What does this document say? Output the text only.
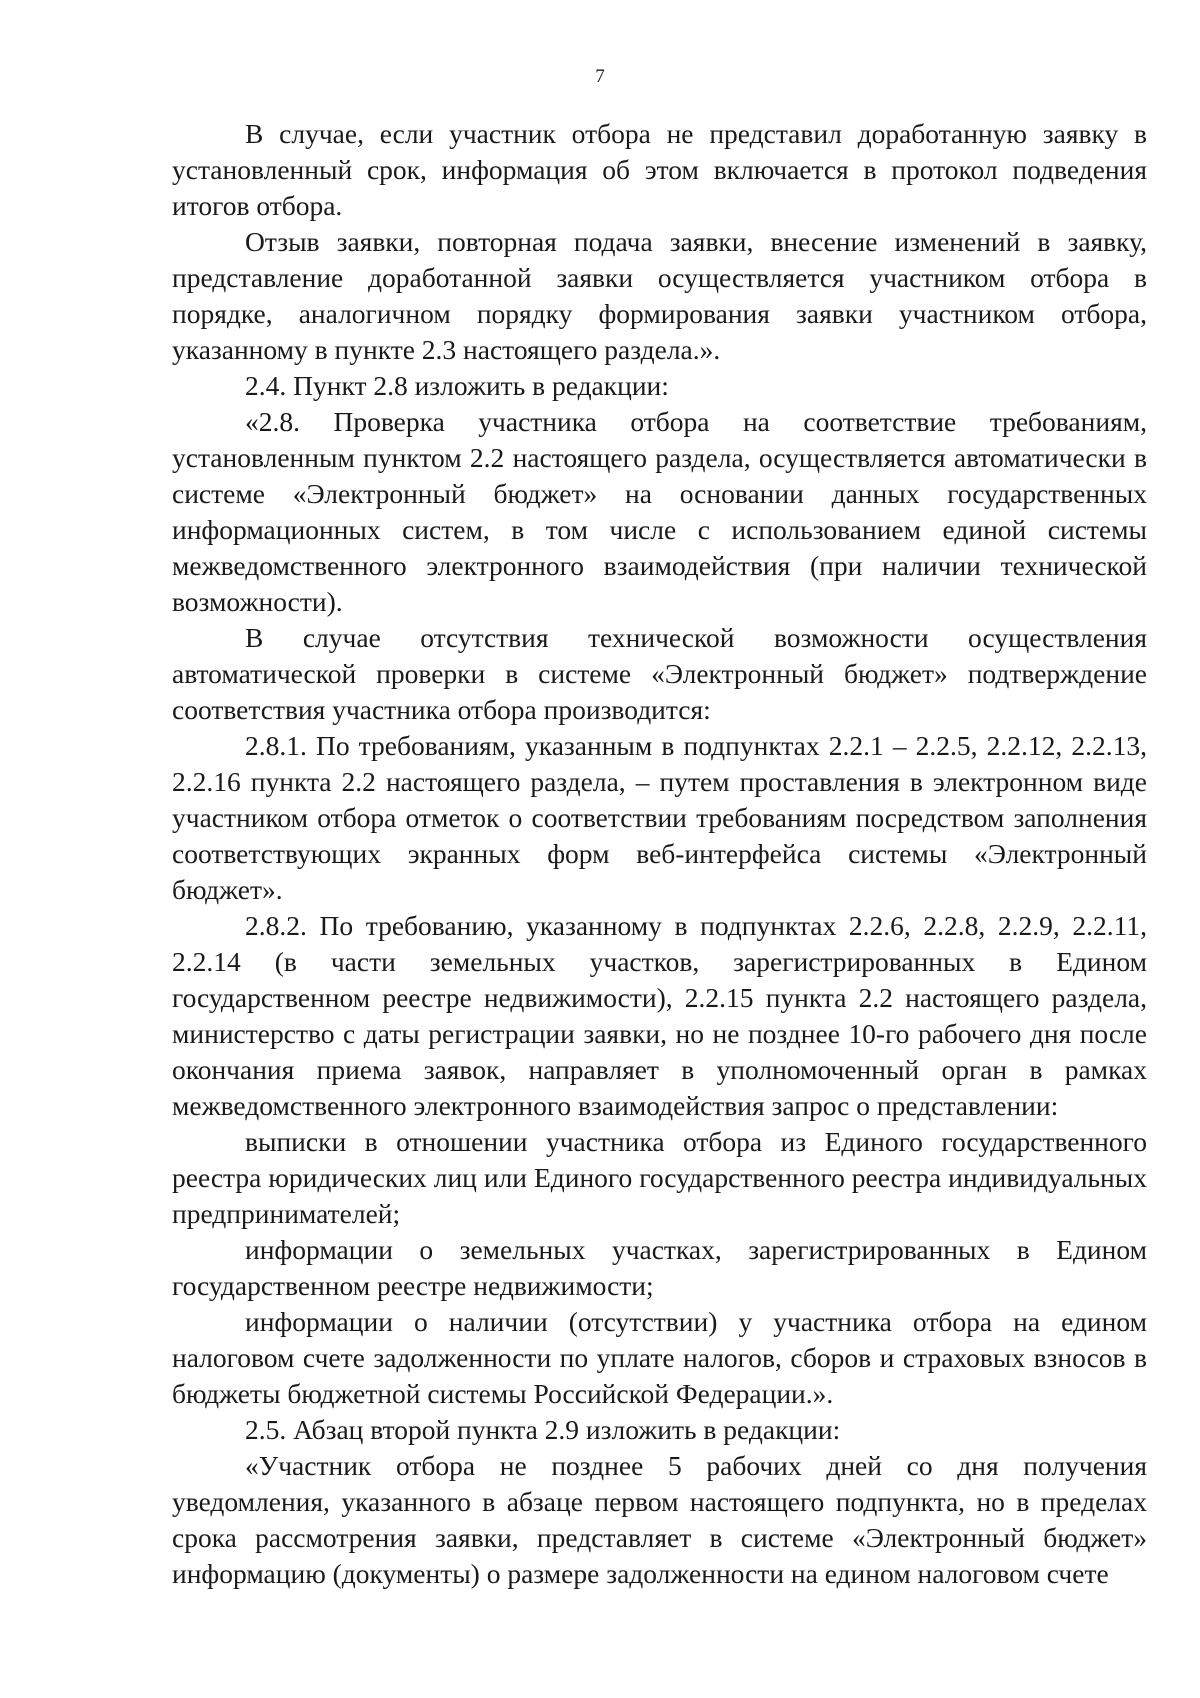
7

В случае, если участник отбора не представил доработанную заявку в установленный срок, информация об этом включается в протокол подведения итогов отбора.

Отзыв заявки, повторная подача заявки, внесение изменений в заявку, представление доработанной заявки осуществляется участником отбора в порядке, аналогичном порядку формирования заявки участником отбора, указанному в пункте 2.3 настоящего раздела.».

2.4. Пункт 2.8 изложить в редакции:

«2.8. Проверка участника отбора на соответствие требованиям, установленным пунктом 2.2 настоящего раздела, осуществляется автоматически в системе «Электронный бюджет» на основании данных государственных информационных систем, в том числе с использованием единой системы межведомственного электронного взаимодействия (при наличии технической возможности).

В случае отсутствия технической возможности осуществления автоматической проверки в системе «Электронный бюджет» подтверждение соответствия участника отбора производится:

2.8.1. По требованиям, указанным в подпунктах 2.2.1 – 2.2.5, 2.2.12, 2.2.13, 2.2.16 пункта 2.2 настоящего раздела, – путем проставления в электронном виде участником отбора отметок о соответствии требованиям посредством заполнения соответствующих экранных форм веб-интерфейса системы «Электронный бюджет».

2.8.2. По требованию, указанному в подпунктах 2.2.6, 2.2.8, 2.2.9, 2.2.11, 2.2.14 (в части земельных участков, зарегистрированных в Едином государственном реестре недвижимости), 2.2.15 пункта 2.2 настоящего раздела, министерство с даты регистрации заявки, но не позднее 10-го рабочего дня после окончания приема заявок, направляет в уполномоченный орган в рамках межведомственного электронного взаимодействия запрос о представлении:

выписки в отношении участника отбора из Единого государственного реестра юридических лиц или Единого государственного реестра индивидуальных предпринимателей;

информации о земельных участках, зарегистрированных в Едином государственном реестре недвижимости;

информации о наличии (отсутствии) у участника отбора на едином налоговом счете задолженности по уплате налогов, сборов и страховых взносов в бюджеты бюджетной системы Российской Федерации.».

2.5. Абзац второй пункта 2.9 изложить в редакции:

«Участник отбора не позднее 5 рабочих дней со дня получения уведомления, указанного в абзаце первом настоящего подпункта, но в пределах срока рассмотрения заявки, представляет в системе «Электронный бюджет» информацию (документы) о размере задолженности на едином налоговом счете
